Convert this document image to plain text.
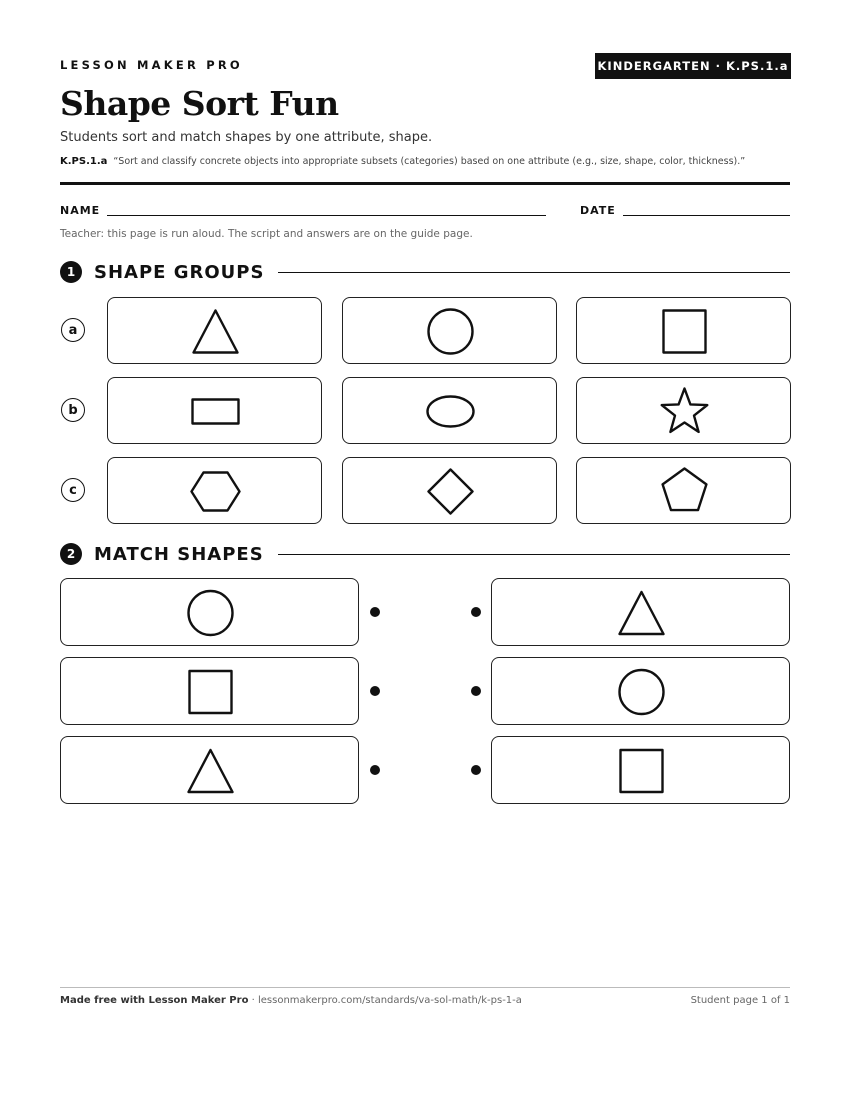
LESSON MAKER PRO	KINDERGARTEN · K.PS.1.a
Shape Sort Fun
Students sort and match shapes by one attribute, shape.
K.PS.1.a “Sort and classify concrete objects into appropriate subsets (categories) based on one attribute (e.g., size, shape, color, thickness).”
NAME	DATE
Teacher: this page is run aloud. The script and answers are on the guide page.
1	SHAPE GROUPS
a
b
c
2	MATCH SHAPES
Made free with Lesson Maker Pro · lessonmakerpro.com/standards/va-sol-math/k-ps-1-a	Student page 1 of 1
